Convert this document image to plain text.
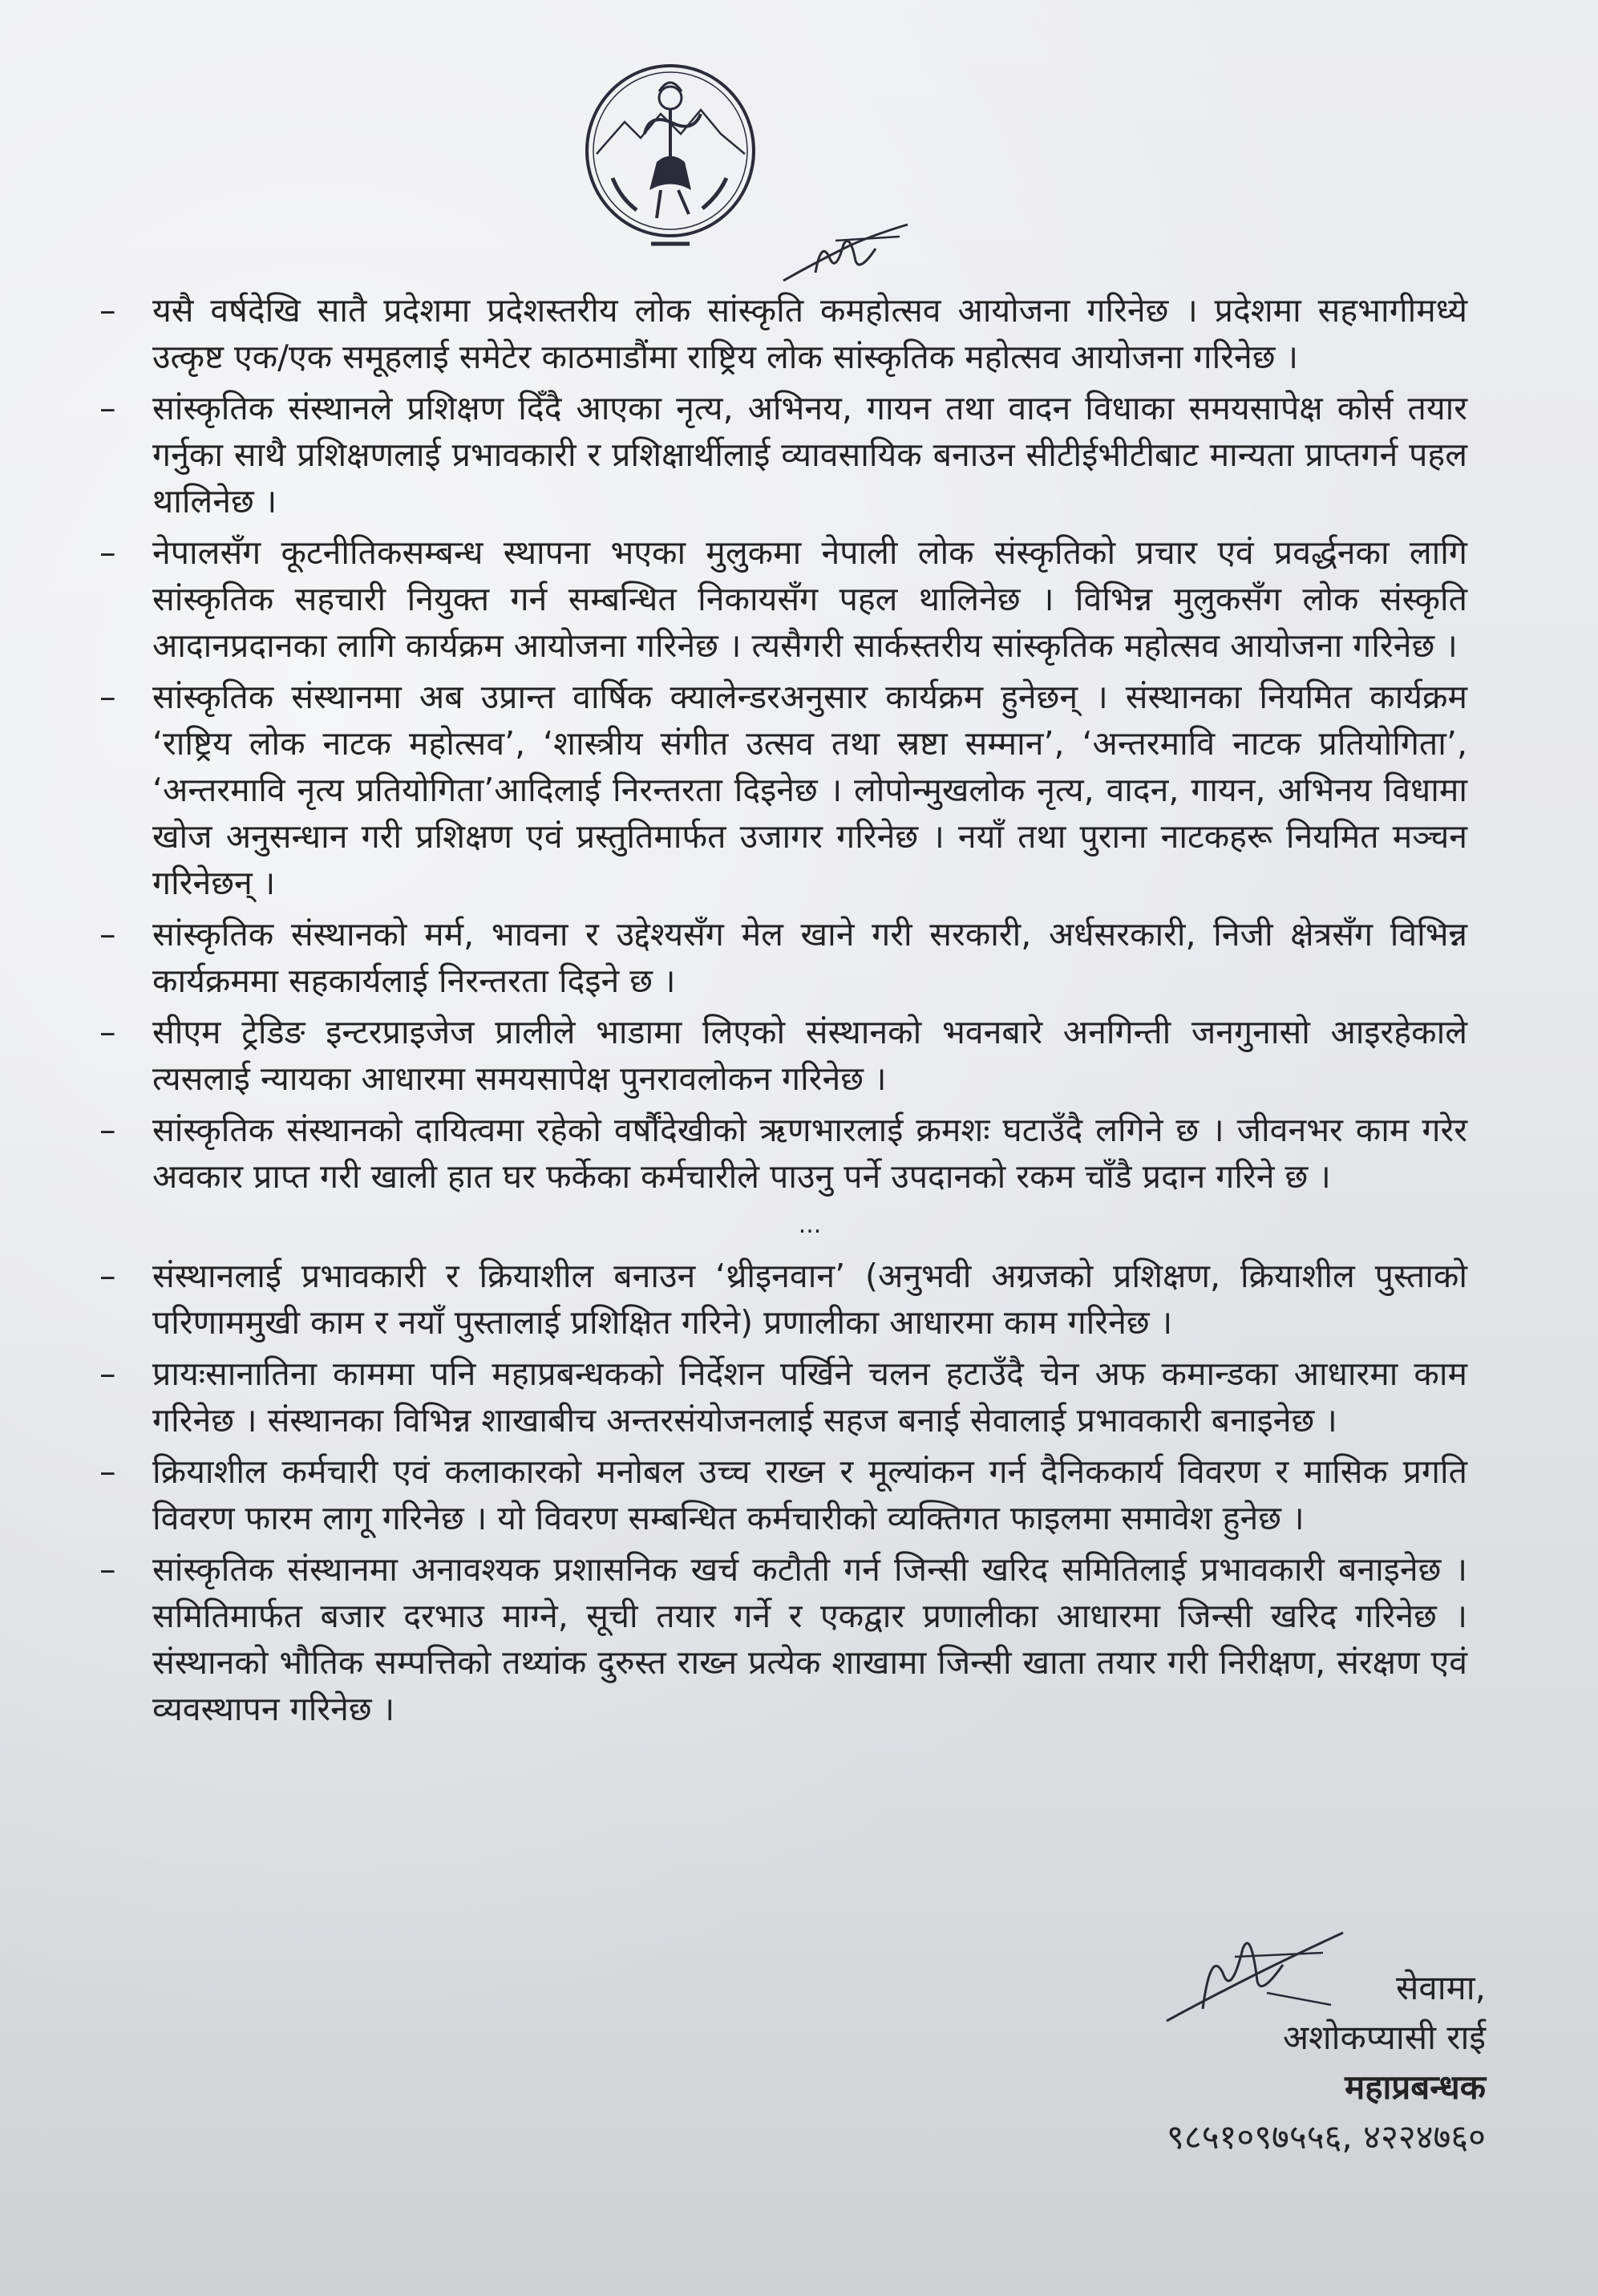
– यसै वर्षदेखि सातै प्रदेशमा प्रदेशस्तरीय लोक सांस्कृति कमहोत्सव आयोजना गरिनेछ । प्रदेशमा सहभागीमध्ये उत्कृष्ट एक/एक समूहलाई समेटेर काठमाडौंमा राष्ट्रिय लोक सांस्कृतिक महोत्सव आयोजना गरिनेछ ।
– सांस्कृतिक संस्थानले प्रशिक्षण दिँदै आएका नृत्य, अभिनय, गायन तथा वादन विधाका समयसापेक्ष कोर्स तयार गर्नुका साथै प्रशिक्षणलाई प्रभावकारी र प्रशिक्षार्थीलाई व्यावसायिक बनाउन सीटीईभीटीबाट मान्यता प्राप्तगर्न पहल थालिनेछ ।
– नेपालसँग कूटनीतिकसम्बन्ध स्थापना भएका मुलुकमा नेपाली लोक संस्कृतिको प्रचार एवं प्रवर्द्धनका लागि सांस्कृतिक सहचारी नियुक्त गर्न सम्बन्धित निकायसँग पहल थालिनेछ । विभिन्न मुलुकसँग लोक संस्कृति आदानप्रदानका लागि कार्यक्रम आयोजना गरिनेछ । त्यसैगरी सार्कस्तरीय सांस्कृतिक महोत्सव आयोजना गरिनेछ ।
– सांस्कृतिक संस्थानमा अब उप्रान्त वार्षिक क्यालेन्डरअनुसार कार्यक्रम हुनेछन् । संस्थानका नियमित कार्यक्रम ‘राष्ट्रिय लोक नाटक महोत्सव’, ‘शास्त्रीय संगीत उत्सव तथा स्रष्टा सम्मान’, ‘अन्तरमावि नाटक प्रतियोगिता’, ‘अन्तरमावि नृत्य प्रतियोगिता’आदिलाई निरन्तरता दिइनेछ । लोपोन्मुखलोक नृत्य, वादन, गायन, अभिनय विधामा खोज अनुसन्धान गरी प्रशिक्षण एवं प्रस्तुतिमार्फत उजागर गरिनेछ । नयाँ तथा पुराना नाटकहरू नियमित मञ्चन गरिनेछन् ।
– सांस्कृतिक संस्थानको मर्म, भावना र उद्देश्यसँग मेल खाने गरी सरकारी, अर्धसरकारी, निजी क्षेत्रसँग विभिन्न कार्यक्रममा सहकार्यलाई निरन्तरता दिइने छ ।
– सीएम ट्रेडिङ इन्टरप्राइजेज प्रालीले भाडामा लिएको संस्थानको भवनबारे अनगिन्ती जनगुनासो आइरहेकाले त्यसलाई न्यायका आधारमा समयसापेक्ष पुनरावलोकन गरिनेछ ।
– सांस्कृतिक संस्थानको दायित्वमा रहेको वर्षौंदेखीको ऋणभारलाई क्रमशः घटाउँदै लगिने छ । जीवनभर काम गरेर अवकार प्राप्त गरी खाली हात घर फर्केका कर्मचारीले पाउनु पर्ने उपदानको रकम चाँडै प्रदान गरिने छ ।
...
– संस्थानलाई प्रभावकारी र क्रियाशील बनाउन ‘थ्रीइनवान’ (अनुभवी अग्रजको प्रशिक्षण, क्रियाशील पुस्ताको परिणाममुखी काम र नयाँ पुस्तालाई प्रशिक्षित गरिने) प्रणालीका आधारमा काम गरिनेछ ।
– प्रायःसानातिना काममा पनि महाप्रबन्धकको निर्देशन पर्खिने चलन हटाउँदै चेन अफ कमान्डका आधारमा काम गरिनेछ । संस्थानका विभिन्न शाखाबीच अन्तरसंयोजनलाई सहज बनाई सेवालाई प्रभावकारी बनाइनेछ ।
– क्रियाशील कर्मचारी एवं कलाकारको मनोबल उच्च राख्न र मूल्यांकन गर्न दैनिककार्य विवरण र मासिक प्रगति विवरण फारम लागू गरिनेछ । यो विवरण सम्बन्धित कर्मचारीको व्यक्तिगत फाइलमा समावेश हुनेछ ।
– सांस्कृतिक संस्थानमा अनावश्यक प्रशासनिक खर्च कटौती गर्न जिन्सी खरिद समितिलाई प्रभावकारी बनाइनेछ । समितिमार्फत बजार दरभाउ माग्ने, सूची तयार गर्ने र एकद्वार प्रणालीका आधारमा जिन्सी खरिद गरिनेछ । संस्थानको भौतिक सम्पत्तिको तथ्यांक दुरुस्त राख्न प्रत्येक शाखामा जिन्सी खाता तयार गरी निरीक्षण, संरक्षण एवं व्यवस्थापन गरिनेछ ।
सेवामा,
अशोकप्यासी राई
महाप्रबन्धक
९८५१०९७५५६, ४२२४७६०
